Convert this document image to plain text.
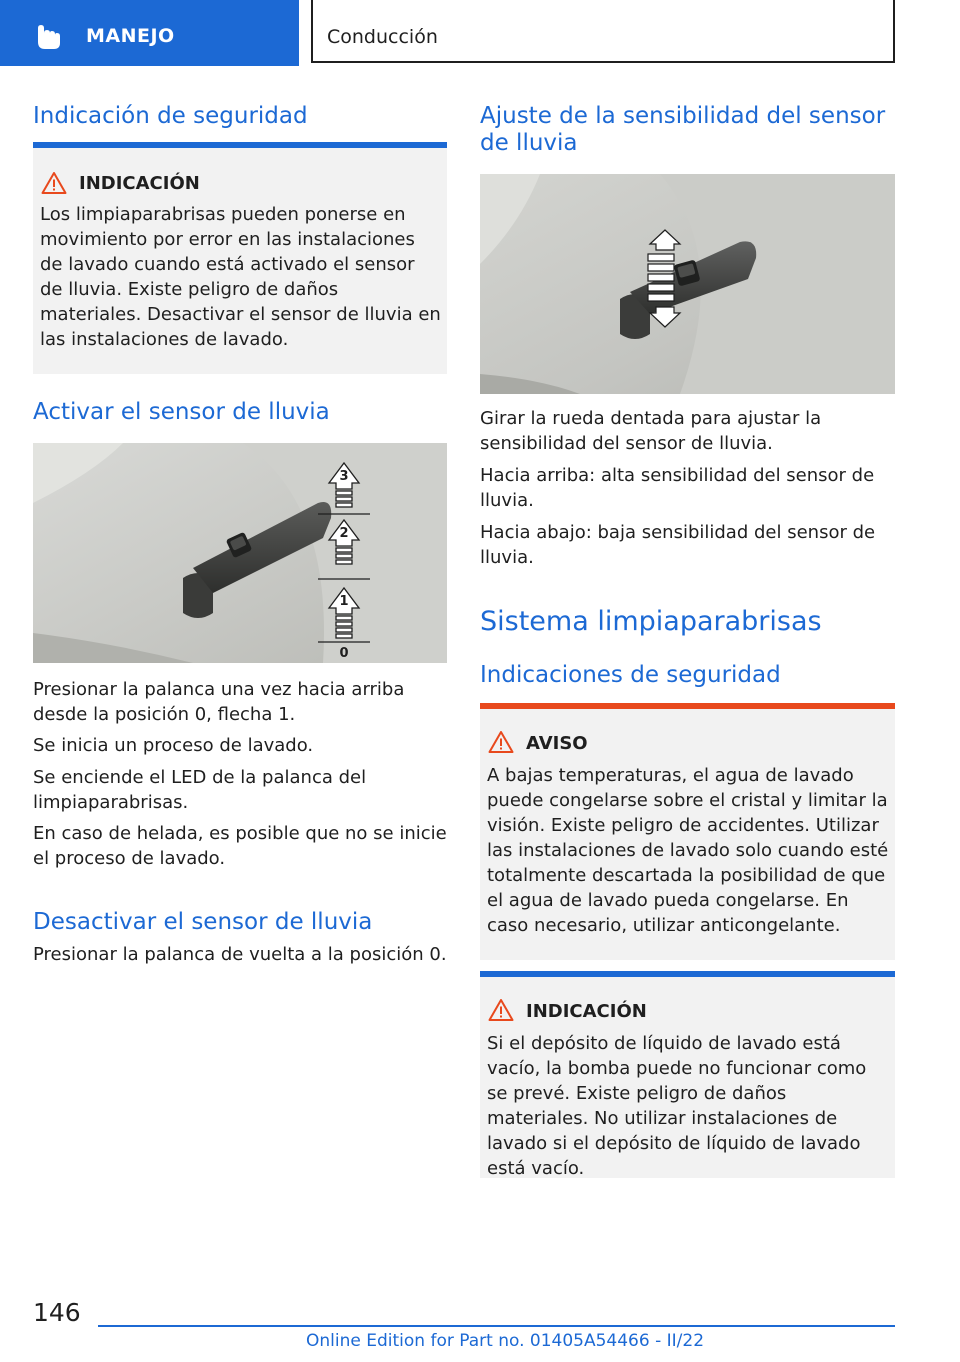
MANEJO	Conducción
Indicación de seguridad
INDICACIÓN

Los limpiaparabrisas pueden ponerse en movimiento por error en las instalaciones de lavado cuando está activado el sensor de lluvia. Existe peligro de daños materiales. Desactivar el sensor de lluvia en las instalaciones de lavado.

Activar el sensor de lluvia
3
2
1
0

Presionar la palanca una vez hacia arriba desde la posición 0, flecha 1.

Se inicia un proceso de lavado.

Se enciende el LED de la palanca del limpiaparabrisas.

En caso de helada, es posible que no se inicie el proceso de lavado.

Desactivar el sensor de lluvia

Presionar la palanca de vuelta a la posición 0.

Ajuste de la sensibilidad del sensor de lluvia

Girar la rueda dentada para ajustar la sensibilidad del sensor de lluvia.

Hacia arriba: alta sensibilidad del sensor de lluvia.

Hacia abajo: baja sensibilidad del sensor de lluvia.

Sistema limpiaparabrisas
Indicaciones de seguridad
AVISO

A bajas temperaturas, el agua de lavado puede congelarse sobre el cristal y limitar la visión. Existe peligro de accidentes. Utilizar las instalaciones de lavado solo cuando esté totalmente descartada la posibilidad de que el agua de lavado pueda congelarse. En caso necesario, utilizar anticongelante.

INDICACIÓN

Si el depósito de líquido de lavado está vacío, la bomba puede no funcionar como se prevé. Existe peligro de daños materiales. No utilizar instalaciones de lavado si el depósito de líquido de lavado está vacío.

146
Online Edition for Part no. 01405A54466 - II/22
